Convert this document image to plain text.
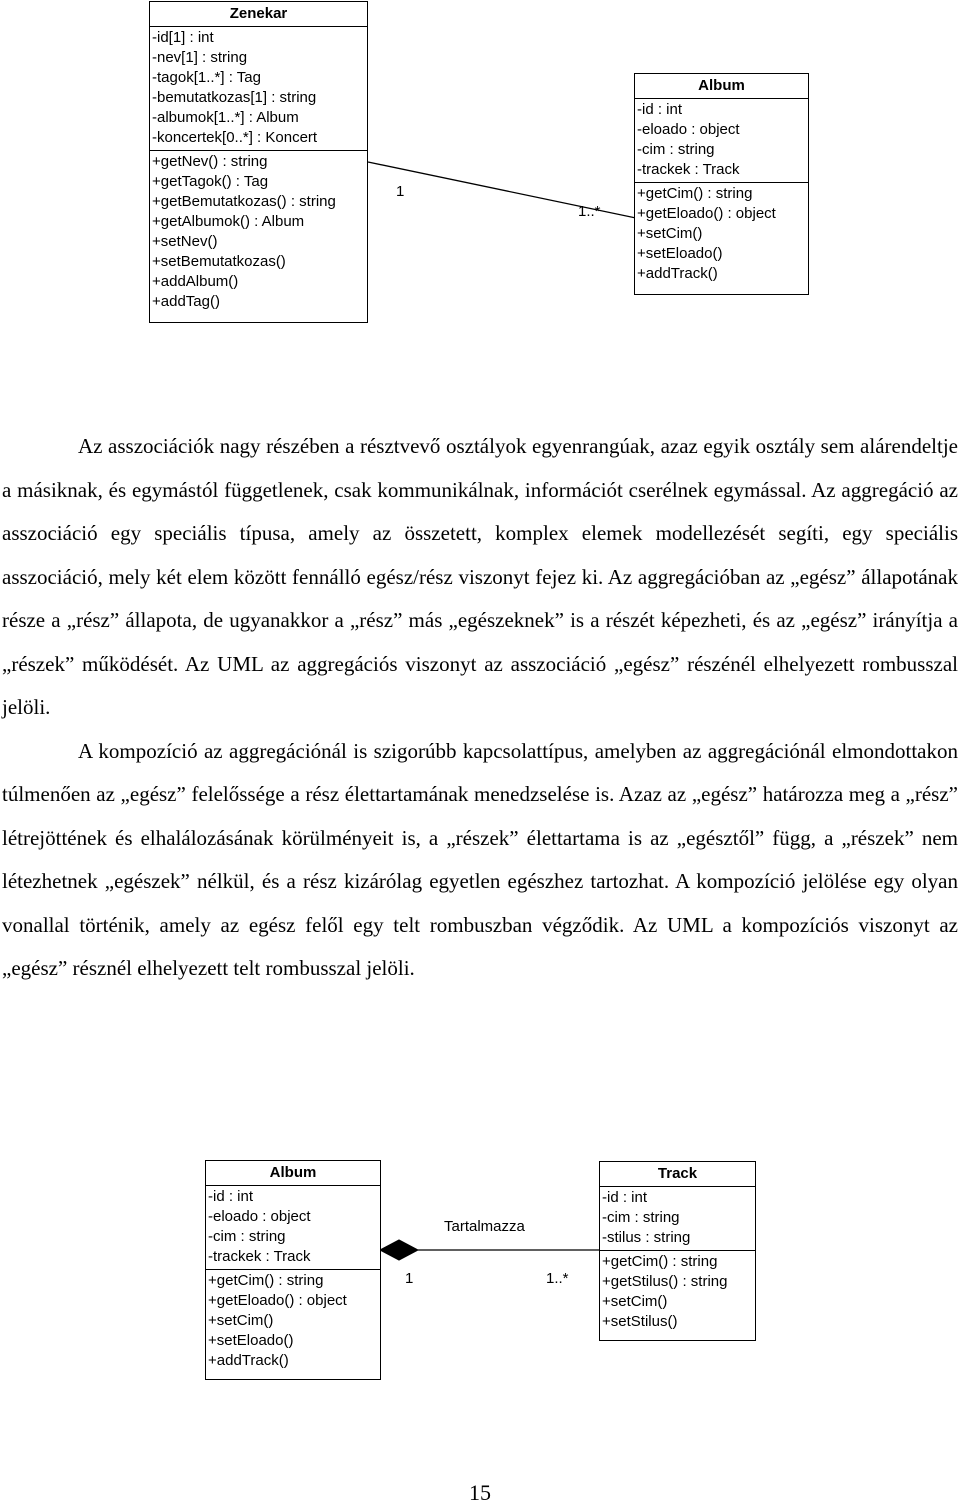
Zenekar
-id[1] : int
-nev[1] : string
-tagok[1..*] : Tag
-bemutatkozas[1] : string
-albumok[1..*] : Album
-koncertek[0..*] : Koncert
+getNev() : string
+getTagok() : Tag
+getBemutatkozas() : string
+getAlbumok() : Album
+setNev()
+setBemutatkozas()
+addAlbum()
+addTag()
Album
-id : int
-eloado : object
-cim : string
-trackek : Track
+getCim() : string
+getEloado() : object
+setCim()
+setEloado()
+addTrack()
1
1..*

Az asszociációk nagy részében a résztvevő osztályok egyenrangúak, azaz egyik osztály sem alárendeltje a másiknak, és egymástól függetlenek, csak kommunikálnak, információt cserélnek egymással. Az aggregáció az asszociáció egy speciális típusa, amely az összetett, komplex elemek modellezését segíti, egy speciális asszociáció, mely két elem között fennálló egész/rész viszonyt fejez ki. Az aggregációban az „egész” állapotának része a „rész” állapota, de ugyanakkor a „rész” más „egészeknek” is a részét képezheti, és az „egész” irányítja a „részek” működését. Az UML az aggregációs viszonyt az asszociáció „egész” részénél elhelyezett rombusszal jelöli.

A kompozíció az aggregációnál is szigorúbb kapcsolattípus, amelyben az aggregációnál elmondottakon túlmenően az „egész” felelőssége a rész élettartamának menedzselése is. Azaz az „egész” határozza meg a „rész” létrejöttének és elhalálozásának körülményeit is, a „részek” élettartama is az „egésztől” függ, a „részek” nem létezhetnek „egészek” nélkül, és a rész kizárólag egyetlen egészhez tartozhat. A kompozíció jelölése egy olyan vonallal történik, amely az egész felől egy telt rombuszban végződik. Az UML a kompozíciós viszonyt az „egész” résznél elhelyezett telt rombusszal jelöli.

Album
-id : int
-eloado : object
-cim : string
-trackek : Track
+getCim() : string
+getEloado() : object
+setCim()
+setEloado()
+addTrack()
Track
-id : int
-cim : string
-stilus : string
+getCim() : string
+getStilus() : string
+setCim()
+setStilus()
Tartalmazza
1	1..*
15
